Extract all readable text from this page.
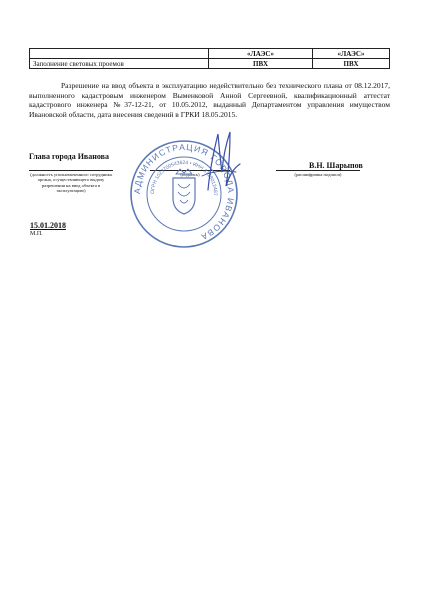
	«ЛАЭС»	«ЛАЭС»
Заполнение световых проемов	ПВХ	ПВХ
Разрешение на ввод объекта в эксплуатацию недействительно без технического плана от 08.12.2017, выполненного кадастровым инженером Выменковой Анной Сергеевной, квалификационный аттестат кадастрового инженера №37-12-21, от 10.05.2012, выданный Департаментом управления имуществом Ивановской области, дата внесения сведений в ГРКИ 18.05.2015.
Глава города Иванова
(должность уполномоченного сотрудника органа, осуществляющего выдачу разрешения на ввод объекта в эксплуатацию)
(подпись)
В.Н. Шарыпов
(расшифровка подписи)
15.01.2018
М.П.
АДМИНИСТРАЦИЯ ГОРОДА ИВАНОВА
ОГРН 1023700543624 • ИНН 3728012487
